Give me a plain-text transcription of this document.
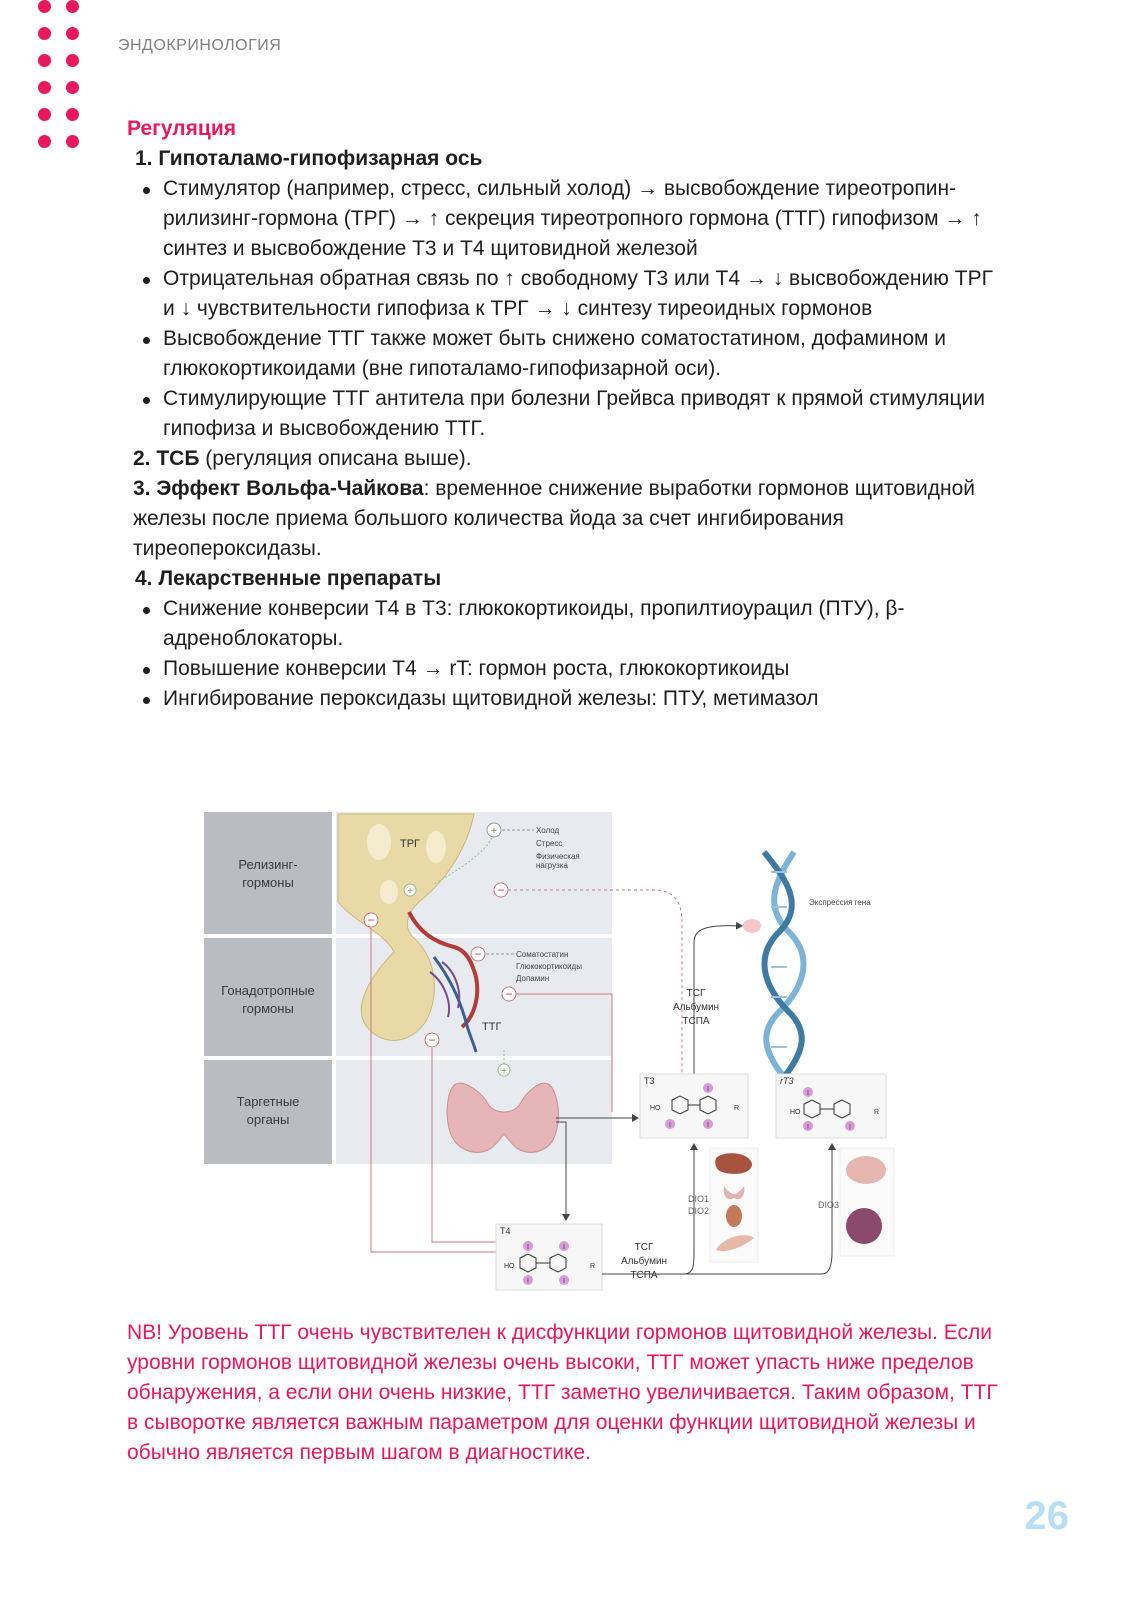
ЭНДОКРИНОЛОГИЯ
Регуляция
1. Гипоталамо-гипофизарная ось
Стимулятор (например, стресс, сильный холод) → высвобождение тиреотропин-рилизинг-гормона (ТРГ) → ↑ секреция тиреотропного гормона (ТТГ) гипофизом → ↑ синтез и высвобождение Т3 и Т4 щитовидной железой
Отрицательная обратная связь по ↑ свободному Т3 или Т4 → ↓ высвобождению ТРГ и ↓ чувствительности гипофиза к ТРГ → ↓ синтезу тиреоидных гормонов
Высвобождение ТТГ также может быть снижено соматостатином, дофамином и глюкокортикоидами (вне гипоталамо-гипофизарной оси).
Стимулирующие ТТГ антитела при болезни Грейвса приводят к прямой стимуляции гипофиза и высвобождению ТТГ.
2. ТСБ (регуляция описана выше).
3. Эффект Вольфа-Чайкова: временное снижение выработки гормонов щитовидной железы после приема большого количества йода за счет ингибирования тиреопероксидазы.
4. Лекарственные препараты
Снижение конверсии Т4 в Т3: глюкокортикоиды, пропилтиоурацил (ПТУ), β-адреноблокаторы.
Повышение конверсии Т4 → rT: гормон роста, глюкокортикоиды
Ингибирование пероксидазы щитовидной железы: ПТУ, метимазол
Релизинг-
гормоны
Гонадотропные
гормоны
Таргетные
органы
ТРГ
ТТГ
+	Холод
Стресс
Физическая
нагрузка
+	−
−
−
−
−
Соматостатин
Глюкокортикоиды
Допамин
+
Экспрессия гена
ТСГ
Альбумин
ТСПА
Т3
HO	R
I
I	I
rT3
HO	R
I
I	I
T4
HO	R
I	I
I	I
ТСГ
Альбумин
ТСПА
DIO1
DIO2
DIO3
NB! Уровень ТТГ очень чувствителен к дисфункции гормонов щитовидной железы. Если уровни гормонов щитовидной железы очень высоки, ТТГ может упасть ниже пределов обнаружения, а если они очень низкие, ТТГ заметно увеличивается. Таким образом, ТТГ в сыворотке является важным параметром для оценки функции щитовидной железы и обычно является первым шагом в диагностике.
26
